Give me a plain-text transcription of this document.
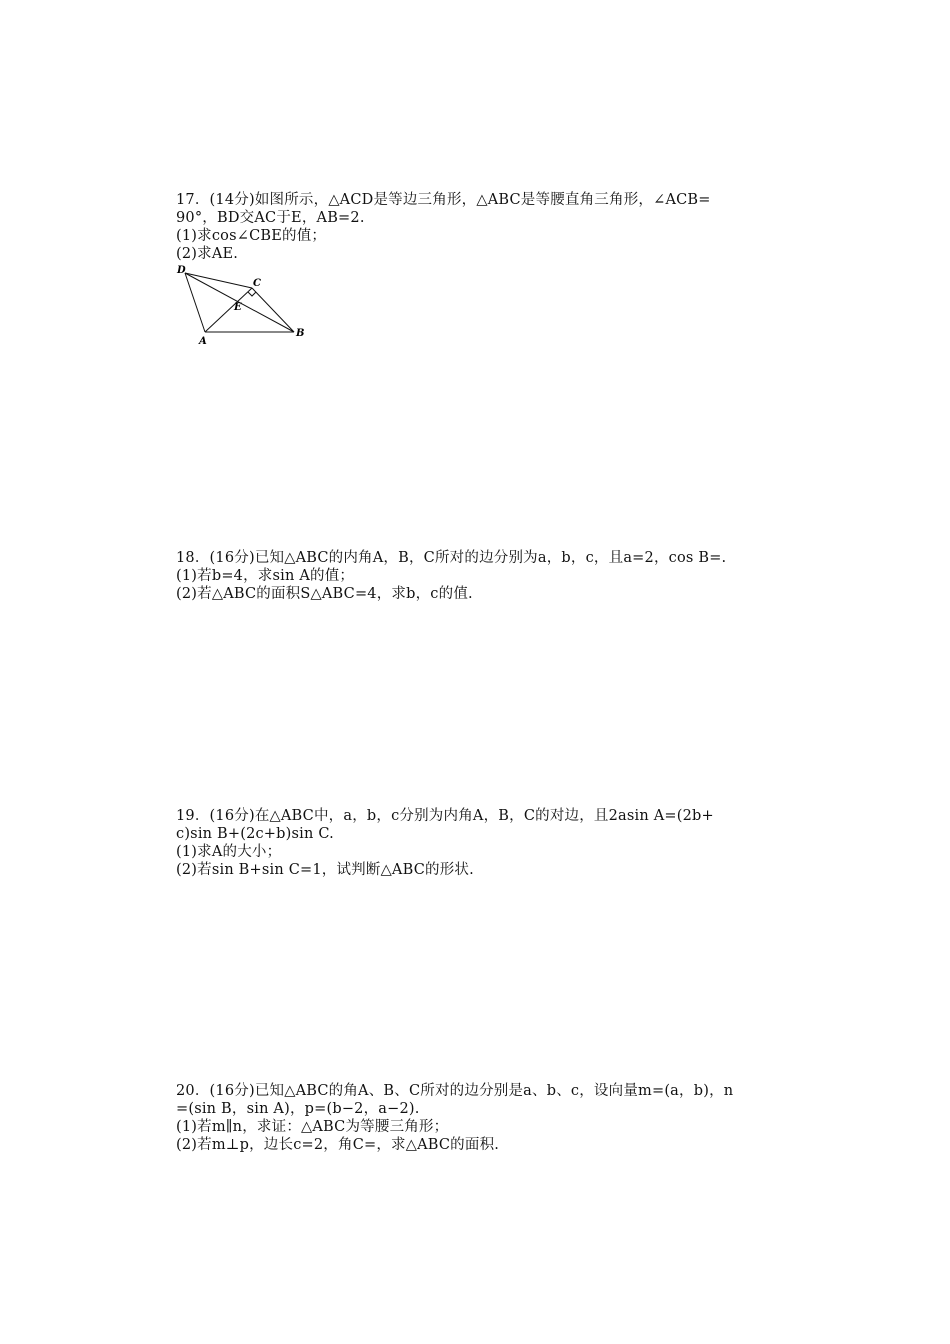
17．(14分)如图所示，△ACD是等边三角形，△ABC是等腰直角三角形，∠ACB=
90°，BD交AC于E，AB=2.
(1)求cos∠CBE的值；
(2)求AE.
D
C
E
A
B
18．(16分)已知△ABC的内角A，B，C所对的边分别为a，b，c，且a=2，cos B=.
(1)若b=4，求sin A的值；
(2)若△ABC的面积S△ABC=4，求b，c的值.
19．(16分)在△ABC中，a，b，c分别为内角A，B，C的对边，且2asin A=(2b+
c)sin B+(2c+b)sin C.
(1)求A的大小；
(2)若sin B+sin C=1，试判断△ABC的形状.
20．(16分)已知△ABC的角A、B、C所对的边分别是a、b、c，设向量m=(a，b)，n
=(sin B，sin A)，p=(b−2，a−2).
(1)若m∥n，求证：△ABC为等腰三角形；
(2)若m⊥p，边长c=2，角C=，求△ABC的面积.
